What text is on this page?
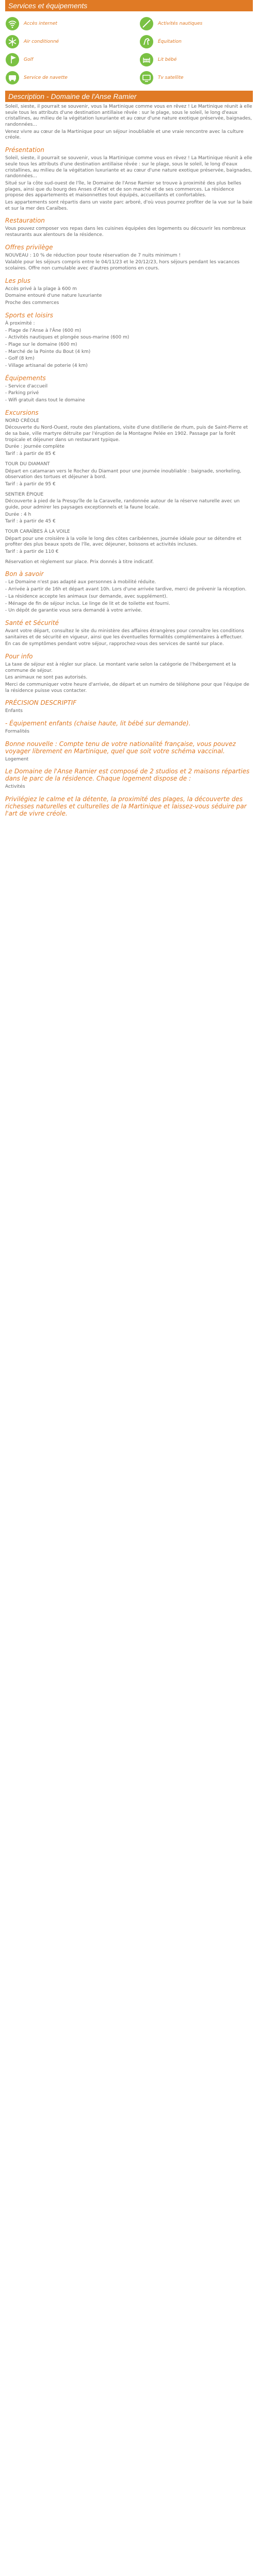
Services et équipements
Accès internet	Activités nautiques
Air conditionné	Équitation
Golf	Lit bébé
Service de navette	Tv satellite
Description - Domaine de l'Anse Ramier
Soleil, sieste, il pourrait se souvenir, vous la Martinique comme vous en rêvez ! Le Martinique réunit à elle seule tous les attributs d'une destination antillaise rêvée : sur le plage, sous le soleil, le long d'eaux cristallines, au milieu de la végétation luxuriante et au cœur d'une nature exotique préservée, baignades, randonnées...
Venez vivre au cœur de la Martinique pour un séjour inoubliable et une vraie rencontre avec la culture créole.
Présentation
Soleil, sieste, il pourrait se souvenir, vous la Martinique comme vous en rêvez ! La Martinique réunit à elle seule tous les attributs d'une destination antillaise rêvée : sur le plage, sous le soleil, le long d'eaux cristallines, au milieu de la végétation luxuriante et au cœur d'une nature exotique préservée, baignades, randonnées...
Situé sur la côte sud-ouest de l'île, le Domaine de l'Anse Ramier se trouve à proximité des plus belles plages, ainsi que du bourg des Anses d'Arlet et de son marché et de ses commerces. La résidence propose des appartements et maisonnettes tout équipés, accueillants et confortables.
Les appartements sont répartis dans un vaste parc arboré, d'où vous pourrez profiter de la vue sur la baie et sur la mer des Caraïbes.
Restauration
Vous pouvez composer vos repas dans les cuisines équipées des logements ou découvrir les nombreux restaurants aux alentours de la résidence.
Offres privilège
NOUVEAU : 10 % de réduction pour toute réservation de 7 nuits minimum !
Valable pour les séjours compris entre le 04/11/23 et le 20/12/23, hors séjours pendant les vacances scolaires. Offre non cumulable avec d'autres promotions en cours.
Les plus
Accès privé à la plage à 600 m
Domaine entouré d'une nature luxuriante
Proche des commerces
Sports et loisirs
À proximité :
- Plage de l'Anse à l'Âne (600 m)
- Activités nautiques et plongée sous-marine (600 m)
- Plage sur le domaine (600 m)
- Marché de la Pointe du Bout (4 km)
- Golf (8 km)
- Village artisanal de poterie (4 km)
Équipements
- Service d'accueil
- Parking privé
- Wifi gratuit dans tout le domaine
Excursions
NORD CRÉOLE
Découverte du Nord-Ouest, route des plantations, visite d'une distillerie de rhum, puis de Saint-Pierre et de sa baie, ville martyre détruite par l'éruption de la Montagne Pelée en 1902. Passage par la forêt tropicale et déjeuner dans un restaurant typique.
Durée : journée complète
Tarif : à partir de 85 €
TOUR DU DIAMANT
Départ en catamaran vers le Rocher du Diamant pour une journée inoubliable : baignade, snorkeling, observation des tortues et déjeuner à bord.
Tarif : à partir de 95 €
SENTIER ÉPIQUE
Découverte à pied de la Presqu'île de la Caravelle, randonnée autour de la réserve naturelle avec un guide, pour admirer les paysages exceptionnels et la faune locale.
Durée : 4 h
Tarif : à partir de 45 €
TOUR CARAÏBES À LA VOILE
Départ pour une croisière à la voile le long des côtes caribéennes, journée idéale pour se détendre et profiter des plus beaux spots de l'île, avec déjeuner, boissons et activités incluses.
Tarif : à partir de 110 €
Réservation et règlement sur place. Prix donnés à titre indicatif.
Bon à savoir
- Le Domaine n'est pas adapté aux personnes à mobilité réduite.
- Arrivée à partir de 16h et départ avant 10h. Lors d'une arrivée tardive, merci de prévenir la réception.
- La résidence accepte les animaux (sur demande, avec supplément).
- Ménage de fin de séjour inclus. Le linge de lit et de toilette est fourni.
- Un dépôt de garantie vous sera demandé à votre arrivée.
Santé et Sécurité
Avant votre départ, consultez le site du ministère des affaires étrangères pour connaître les conditions sanitaires et de sécurité en vigueur, ainsi que les éventuelles formalités complémentaires à effectuer.
En cas de symptômes pendant votre séjour, rapprochez-vous des services de santé sur place.
Pour info
La taxe de séjour est à régler sur place. Le montant varie selon la catégorie de l'hébergement et la commune de séjour.
Les animaux ne sont pas autorisés.
Merci de communiquer votre heure d'arrivée, de départ et un numéro de téléphone pour que l'équipe de la résidence puisse vous contacter.
PRÉCISION DESCRIPTIF
Enfants
- Équipement enfants (chaise haute, lit bébé sur demande).
Formalités
Bonne nouvelle : Compte tenu de votre nationalité française, vous pouvez voyager librement en Martinique, quel que soit votre schéma vaccinal.
Logement
Le Domaine de l'Anse Ramier est composé de 2 studios et 2 maisons réparties dans le parc de la résidence. Chaque logement dispose de :
Activités
Privilégiez le calme et la détente, la proximité des plages, la découverte des richesses naturelles et culturelles de la Martinique et laissez-vous séduire par l'art de vivre créole.
